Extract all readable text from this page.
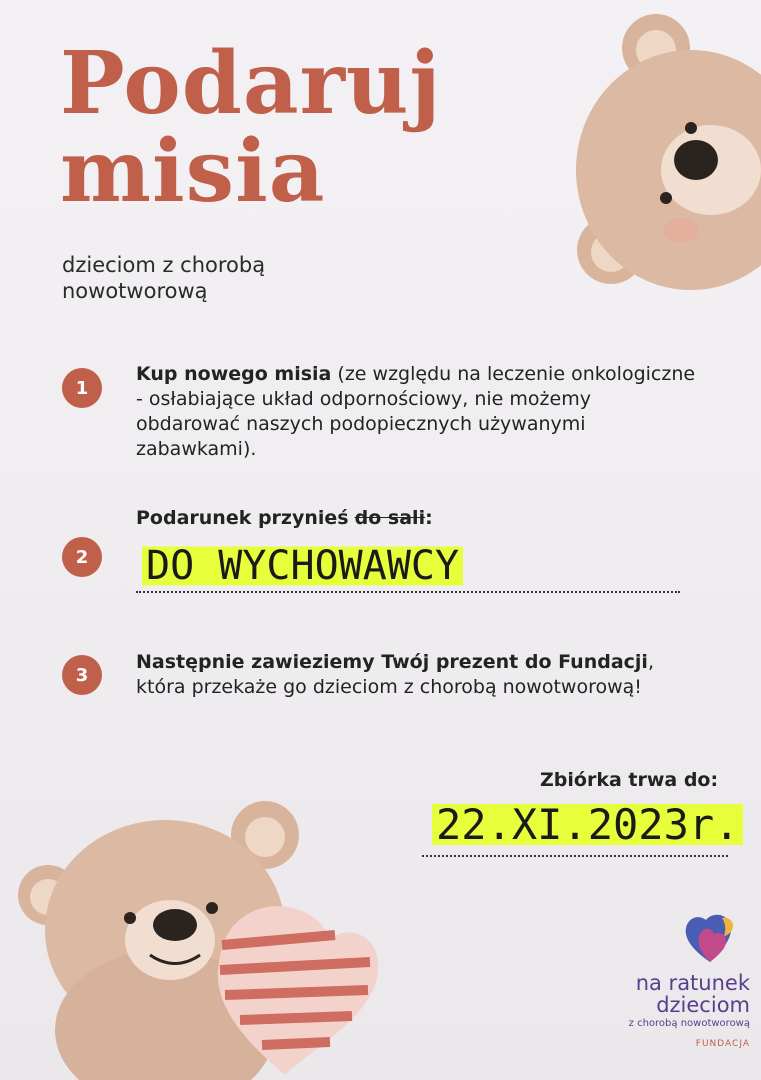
Podaruj
misia
dzieciom z chorobą nowotworową
1
Kup nowego misia (ze względu na leczenie onkologiczne - osłabiające układ odpornościowy, nie możemy obdarować naszych podopiecznych używanymi zabawkami).
Podarunek przynieś do sali:
2	DO WYCHOWAWCY
3
Następnie zawieziemy Twój prezent do Fundacji, która przekaże go dzieciom z chorobą nowotworową!
Zbiórka trwa do:
22.XI.2023r.
na ratunek
dzieciom
z chorobą nowotworową
FUNDACJA
